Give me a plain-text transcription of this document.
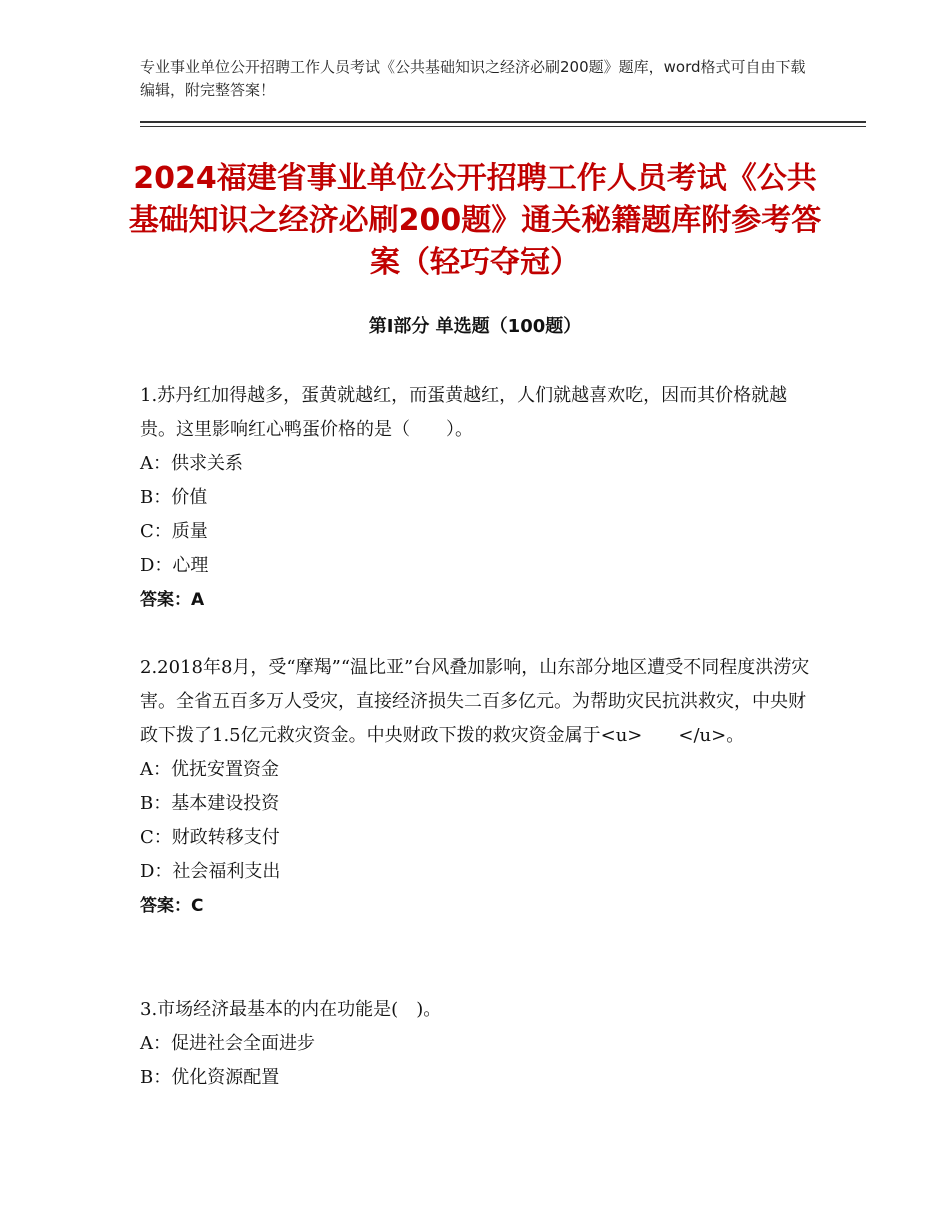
专业事业单位公开招聘工作人员考试《公共基础知识之经济必刷200题》题库，word格式可自由下载编辑，附完整答案！
2024福建省事业单位公开招聘工作人员考试《公共基础知识之经济必刷200题》通关秘籍题库附参考答案（轻巧夺冠）
第Ⅰ部分 单选题（100题）
1.苏丹红加得越多，蛋黄就越红，而蛋黄越红，人们就越喜欢吃，因而其价格就越贵。这里影响红心鸭蛋价格的是（　　）。
A：供求关系
B：价值
C：质量
D：心理
答案：A
2.2018年8月，受“摩羯”“温比亚”台风叠加影响，山东部分地区遭受不同程度洪涝灾害。全省五百多万人受灾，直接经济损失二百多亿元。为帮助灾民抗洪救灾，中央财政下拨了1.5亿元救灾资金。中央财政下拨的救灾资金属于<u>　　</u>。
A：优抚安置资金
B：基本建设投资
C：财政转移支付
D：社会福利支出
答案：C
3.市场经济最基本的内在功能是(　)。
A：促进社会全面进步
B：优化资源配置
